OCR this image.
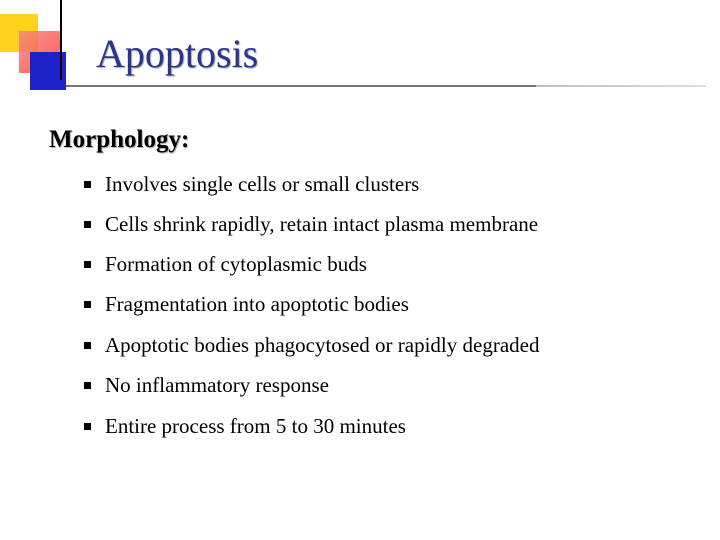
Apoptosis
Morphology:
Involves single cells or small clusters
Cells shrink rapidly, retain intact plasma membrane
Formation of cytoplasmic buds
Fragmentation into apoptotic bodies
Apoptotic bodies phagocytosed or rapidly degraded
No inflammatory response
Entire process from 5 to 30 minutes
